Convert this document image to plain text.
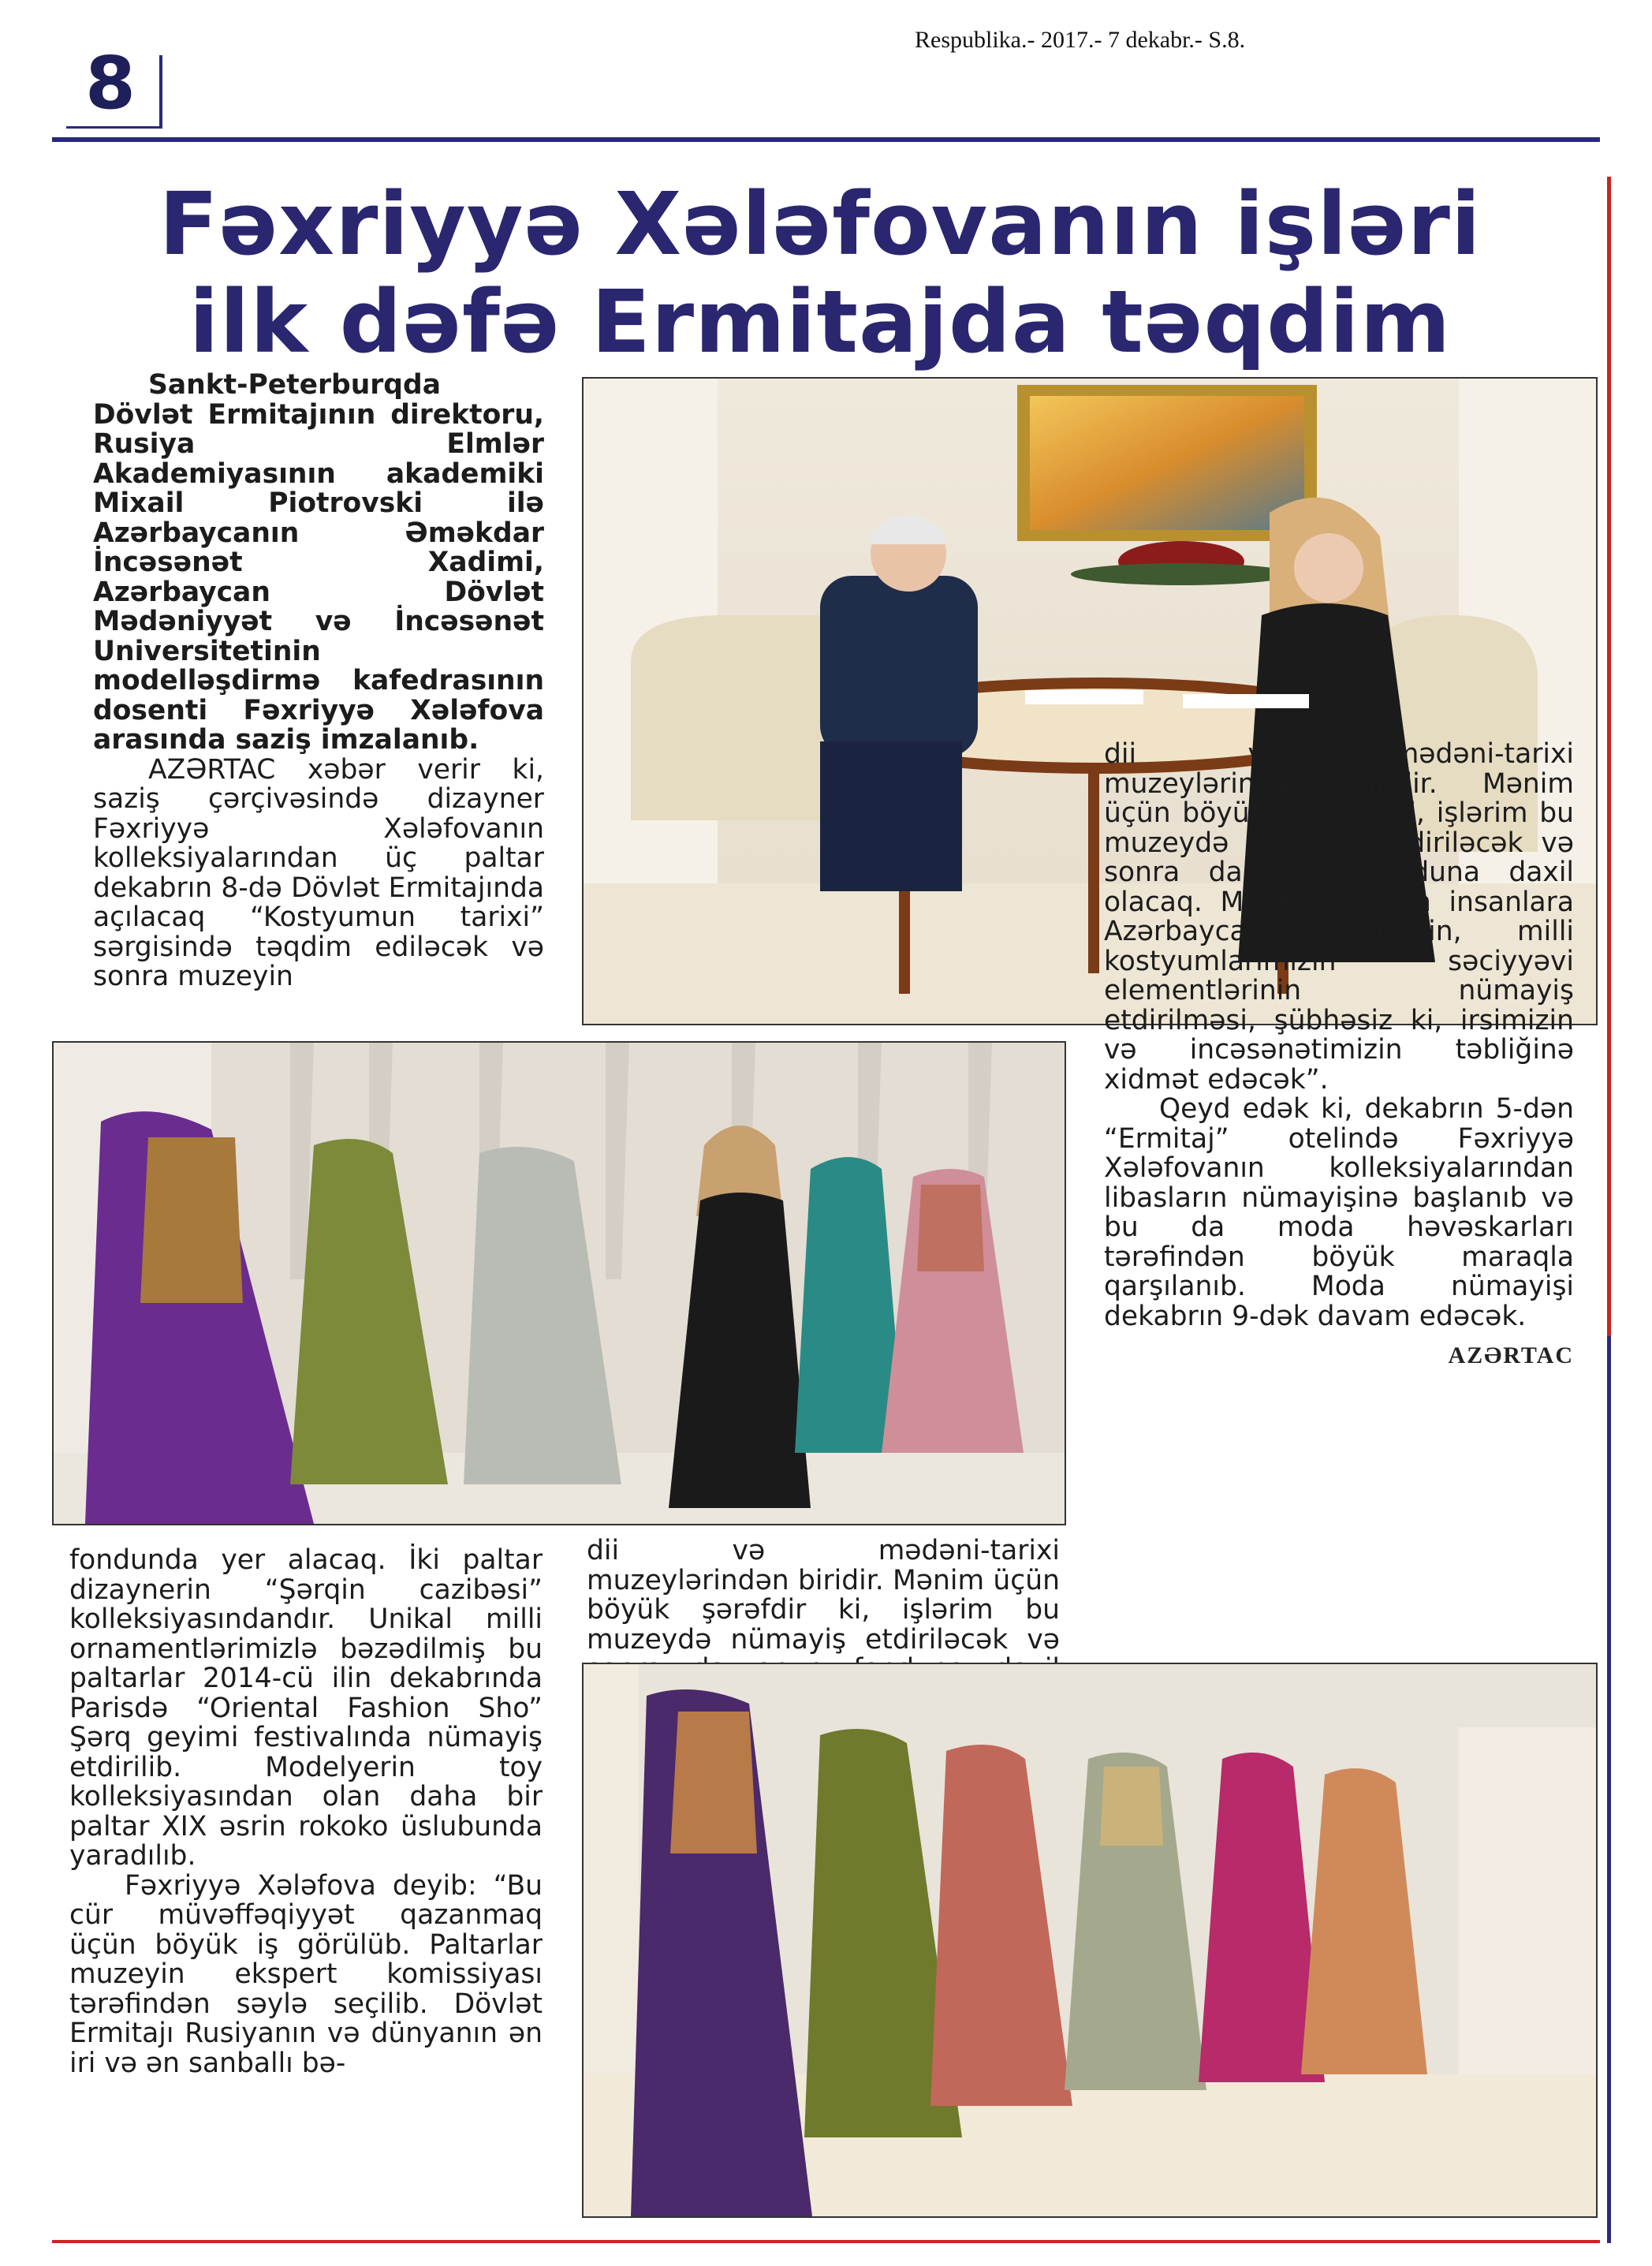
Respublika.- 2017.- 7 dekabr.- S.8.
8
Fəxriyyə Xələfovanın işləri
ilk dəfə Ermitajda təqdim

Sankt-Peterburqda Dövlət Ermitajının direktoru, Rusiya Elmlər Akademiyasının akademiki Mixail Piotrovski ilə Azərbaycanın Əməkdar İncəsənət Xadimi, Azərbaycan Dövlət Mədəniyyət və İncəsənət Universitetinin modelləşdirmə kafedrasının dosenti Fəxriyyə Xələfova arasında saziş imzalanıb.

AZƏRTAC xəbər verir ki, saziş çərçivəsində dizayner Fəxriyyə Xələfovanın kolleksiyalarından üç paltar dekabrın 8-də Dövlət Ermitajında açılacaq “Kostyumun tarixi” sərgisində təqdim ediləcək və sonra muzeyin

dii və mədəni-tarixi muzeylərindən biridir. Mənim üçün böyük şərəfdir ki, işlərim bu muzeydə nümayiş etdiriləcək və sonra da onun fonduna daxil olacaq. Muzeyə axışan insanlara Azərbaycan geyiminin, milli kostyumlarımızın səciyyəvi elementlərinin nümayiş etdirilməsi, şübhəsiz ki, irsimizin və incəsənətimizin təbliğinə xidmət edəcək”.

Qeyd edək ki, dekabrın 5-dən “Ermitaj” otelində Fəxriyyə Xələfovanın kolleksiyalarından libasların nümayişinə başlanıb və bu da moda həvəskarları tərəfindən böyük maraqla qarşılanıb. Moda nümayişi dekabrın 9-dək davam edəcək.

AZƏRTAC

fondunda yer alacaq. İki paltar dizaynerin “Şərqin cazibəsi” kolleksiyasındandır. Unikal milli ornamentlərimizlə bəzədilmiş bu paltarlar 2014-cü ilin dekabrında Parisdə “Oriental Fashion Sho” Şərq geyimi festivalında nümayiş etdirilib. Modelyerin toy kolleksiyasından olan daha bir paltar XIX əsrin rokoko üslubunda yaradılıb.

Fəxriyyə Xələfova deyib: “Bu cür müvəffəqiyyət qazanmaq üçün böyük iş görülüb. Paltarlar muzeyin ekspert komissiyası tərəfindən səylə seçilib. Dövlət Ermitajı Rusiyanın və dünyanın ən iri və ən sanballı bə-

dii və mədəni-tarixi muzeylərindən biridir. Mənim üçün böyük şərəfdir ki, işlərim bu muzeydə nümayiş etdiriləcək və
